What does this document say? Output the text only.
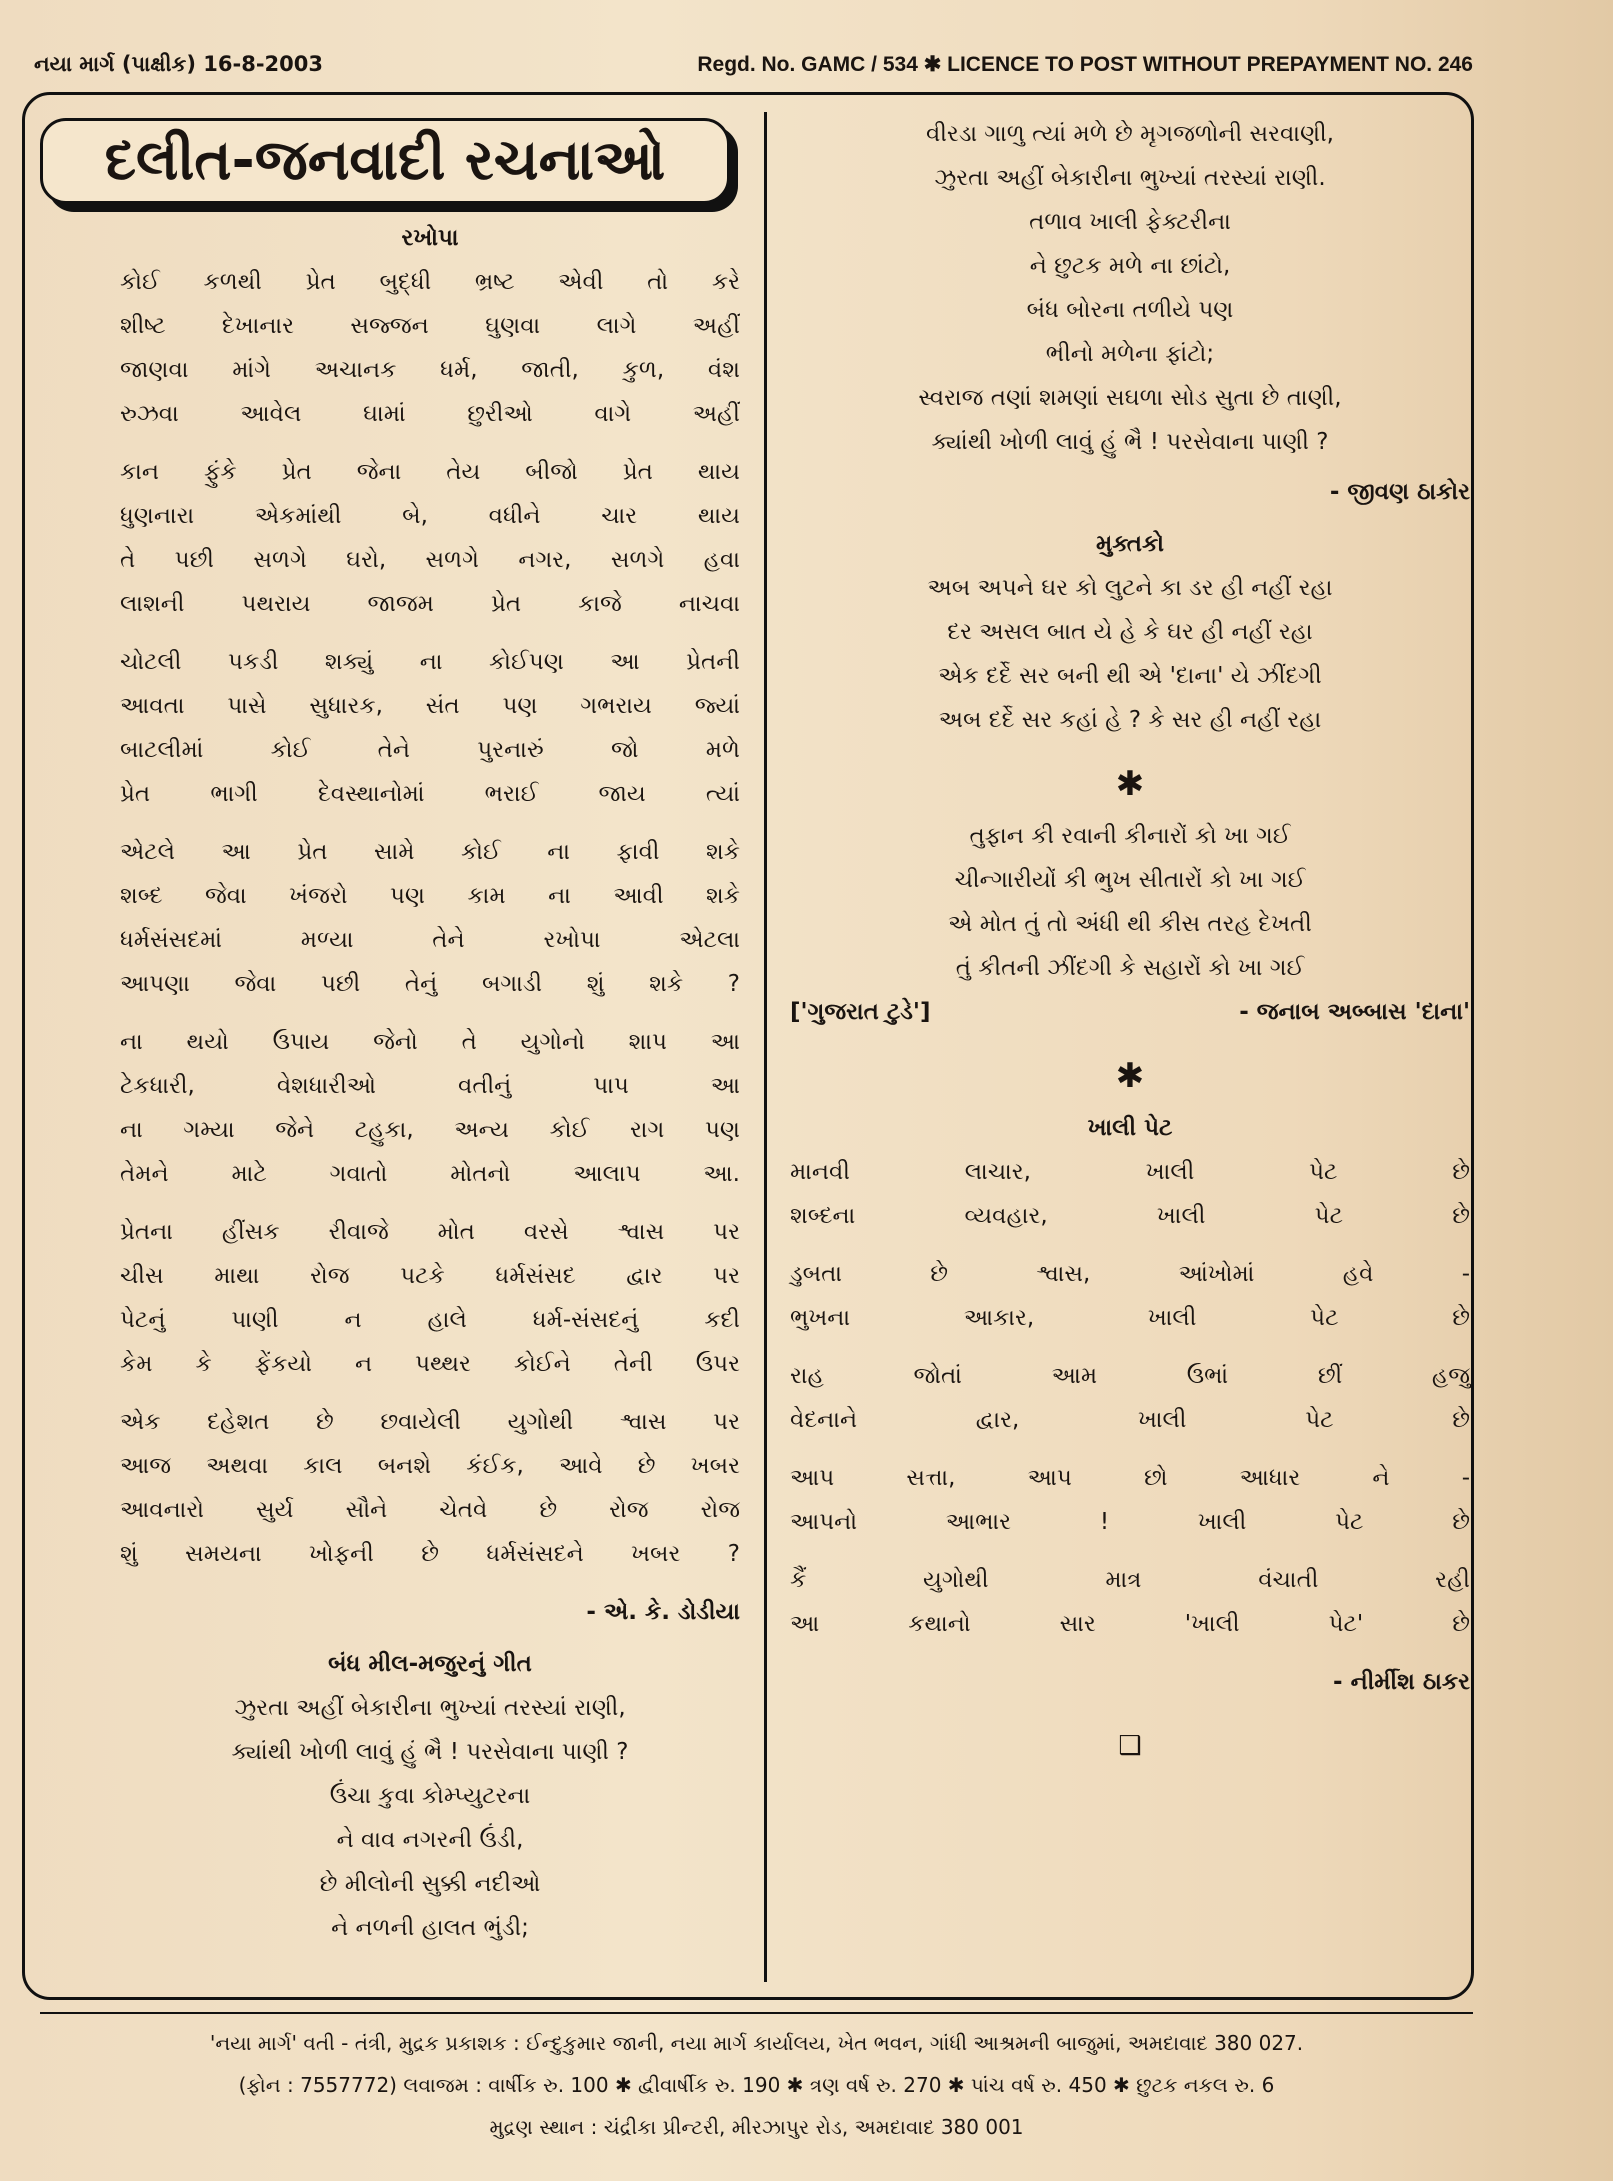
નયા માર્ગ (પાક્ષીક) 16-8-2003	Regd. No. GAMC / 534 ✱ LICENCE TO POST WITHOUT PREPAYMENT NO. 246
દલીત-જનવાદી રચનાઓ

રખોપા

કોઈ કળથી પ્રેત બુદ્ધી ભ્રષ્ટ એવી તો કરે
શીષ્ટ દેખાનાર સજ્જન ઘુણવા લાગે અહીં
જાણવા માંગે અચાનક ધર્મ, જાતી, કુળ, વંશ
રુઝવા આવેલ ઘામાં છુરીઓ વાગે અહીં
કાન ફુંકે પ્રેત જેના તેય બીજો પ્રેત થાય
ધુણનારા એકમાંથી બે, વધીને ચાર થાય
તે પછી સળગે ઘરો, સળગે નગર, સળગે હવા
લાશની પથરાય જાજમ પ્રેત કાજે નાચવા
ચોટલી પકડી શક્યું ના કોઈપણ આ પ્રેતની
આવતા પાસે સુધારક, સંત પણ ગભરાય જ્યાં
બાટલીમાં કોઈ તેને પુરનારું જો મળે
પ્રેત ભાગી દેવસ્થાનોમાં ભરાઈ જાય ત્યાં
એટલે આ પ્રેત સામે કોઈ ના ફાવી શકે
શબ્દ જેવા ખંજરો પણ કામ ના આવી શકે
ધર્મસંસદમાં મળ્યા તેને રખોપા એટલા
આપણા જેવા પછી તેનું બગાડી શું શકે ?
ના થયો ઉપાય જેનો તે યુગોનો શાપ આ
ટેકધારી, વેશધારીઓ વતીનું પાપ આ
ના ગમ્યા જેને ટહુકા, અન્ય કોઈ રાગ પણ
તેમને માટે ગવાતો મોતનો આલાપ આ.
પ્રેતના હીંસક રીવાજે મોત વરસે શ્વાસ પર
ચીસ માથા રોજ પટકે ધર્મસંસદ દ્વાર પર
પેટનું પાણી ન હાલે ધર્મ-સંસદનું કદી
કેમ કે ફેંકયો ન પથ્થર કોઈને તેની ઉપર
એક દહેશત છે છવાયેલી યુગોથી શ્વાસ પર
આજ અથવા કાલ બનશે કંઈક, આવે છે ખબર
આવનારો સુર્ય સૌને ચેતવે છે રોજ રોજ
શું સમયના ખોફની છે ધર્મસંસદને ખબર ?
- એ. કે. ડોડીયા

બંધ મીલ-મજુરનું ગીત

ઝુરતા અહીં બેકારીના ભુખ્યાં તરસ્યાં રાણી,
ક્યાંથી ખોળી લાવું હું ભૈ ! પરસેવાના પાણી ?
ઉંચા કુવા કોમ્પ્યુટરના
ને વાવ નગરની ઉંડી,
છે મીલોની સુક્કી નદીઓ
ને નળની હાલત ભુંડી;
વીરડા ગાળુ ત્યાં મળે છે મૃગજળોની સરવાણી,
ઝુરતા અહીં બેકારીના ભુખ્યાં તરસ્યાં રાણી.
તળાવ ખાલી ફેક્ટરીના
ને છુટક મળે ના છાંટો,
બંધ બોરના તળીયે પણ
ભીનો મળેના ફાંટો;
સ્વરાજ તણાં શમણાં સઘળા સોડ સુતા છે તાણી,
ક્યાંથી ખોળી લાવું હું ભૈ ! પરસેવાના પાણી ?
- જીવણ ઠાકોર

મુક્તકો

અબ અપને ઘર કો લુટને કા ડર હી નહીં રહા
દર અસલ બાત યે હે કે ઘર હી નહીં રહા
એક દર્દે સર બની થી એ 'દાના' યે ઝીંદગી
અબ દર્દે સર કહાં હે ? કે સર હી નહીં રહા
✱
તુફાન કી રવાની કીનારોં કો ખા ગઈ
ચીન્ગારીયોં કી ભુખ સીતારોં કો ખા ગઈ
એ મોત તું તો અંધી થી કીસ તરહ દેખતી
તું કીતની ઝીંદગી કે સહારોં કો ખા ગઈ
['ગુજરાત ટુડે']	- જનાબ અબ્બાસ 'દાના'
✱

ખાલી પેટ

માનવી લાચાર, ખાલી પેટ છે
શબ્દના વ્યવહાર, ખાલી પેટ છે
ડુબતા છે શ્વાસ, આંખોમાં હવે -
ભુખના આકાર, ખાલી પેટ છે
રાહ જોતાં આમ ઉભાં છીં હજુ
વેદનાને દ્વાર, ખાલી પેટ છે
આપ સત્તા, આપ છો આધાર ને -
આપનો આભાર ! ખાલી પેટ છે
કૈં યુગોથી માત્ર વંચાતી રહી
આ કથાનો સાર 'ખાલી પેટ' છે
- નીર્મીશ ઠાકર
❑
'નયા માર્ગ' વતી - તંત્રી, મુદ્રક પ્રકાશક : ઈન્દુકુમાર જાની, નયા માર્ગ કાર્યાલય, ખેત ભવન, ગાંધી આશ્રમની બાજુમાં, અમદાવાદ 380 027.
(ફોન : 7557772) લવાજમ : વાર્ષીક રુ. 100 ✱ દ્વીવાર્ષીક રુ. 190 ✱ ત્રણ વર્ષ રુ. 270 ✱ પાંચ વર્ષ રુ. 450 ✱ છુટક નકલ રુ. 6
મુદ્રણ સ્થાન : ચંદ્રીકા પ્રીન્ટરી, મીરઝાપુર રોડ, અમદાવાદ 380 001
